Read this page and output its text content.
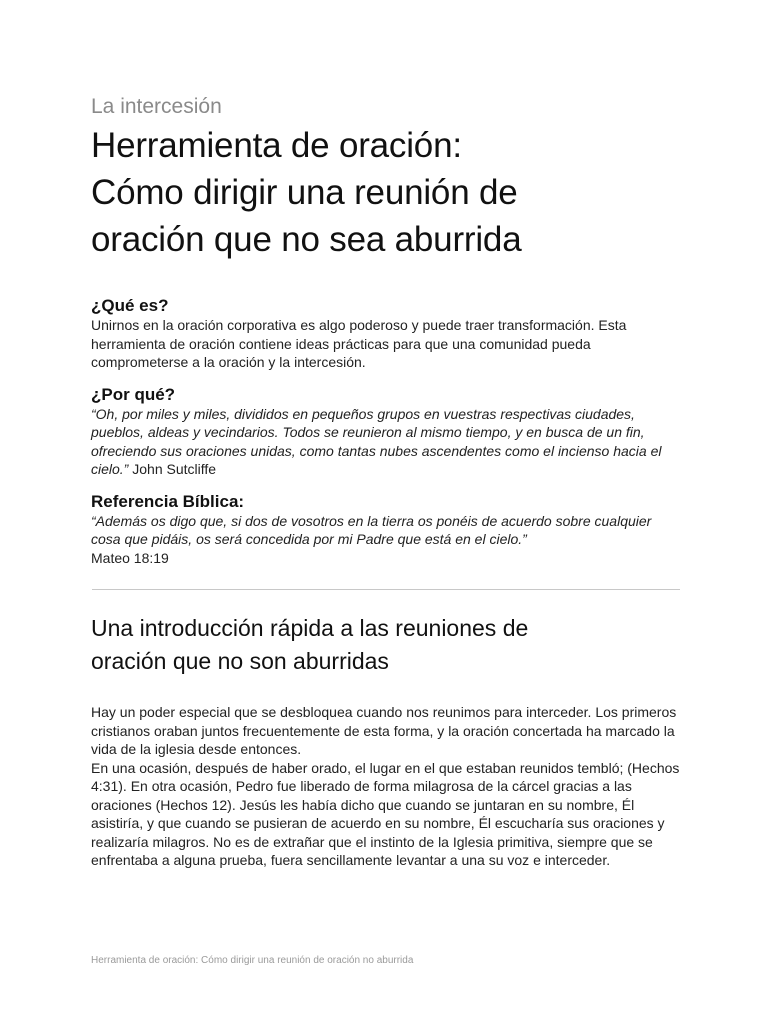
La intercesión

Herramienta de oración:
Cómo dirigir una reunión de
oración que no sea aburrida
¿Qué es?

Unirnos en la oración corporativa es algo poderoso y puede traer transformación. Esta herramienta de oración contiene ideas prácticas para que una comunidad pueda comprometerse a la oración y la intercesión.

¿Por qué?

“Oh, por miles y miles, divididos en pequeños grupos en vuestras respectivas ciudades, pueblos, aldeas y vecindarios. Todos se reunieron al mismo tiempo, y en busca de un fin, ofreciendo sus oraciones unidas, como tantas nubes ascendentes como el incienso hacia el cielo.” John Sutcliffe

Referencia Bíblica:

“Además os digo que, si dos de vosotros en la tierra os ponéis de acuerdo sobre cualquier cosa que pidáis, os será concedida por mi Padre que está en el cielo.”

Mateo 18:19

Una introducción rápida a las reuniones de
oración que no son aburridas

Hay un poder especial que se desbloquea cuando nos reunimos para interceder. Los primeros cristianos oraban juntos frecuentemente de esta forma, y la oración concertada ha marcado la vida de la iglesia desde entonces.

En una ocasión, después de haber orado, el lugar en el que estaban reunidos tembló; (Hechos 4:31). En otra ocasión, Pedro fue liberado de forma milagrosa de la cárcel gracias a las oraciones (Hechos 12). Jesús les había dicho que cuando se juntaran en su nombre, Él asistiría, y que cuando se pusieran de acuerdo en su nombre, Él escucharía sus oraciones y realizaría milagros. No es de extrañar que el instinto de la Iglesia primitiva, siempre que se enfrentaba a alguna prueba, fuera sencillamente levantar a una su voz e interceder.

Herramienta de oración: Cómo dirigir una reunión de oración no aburrida
